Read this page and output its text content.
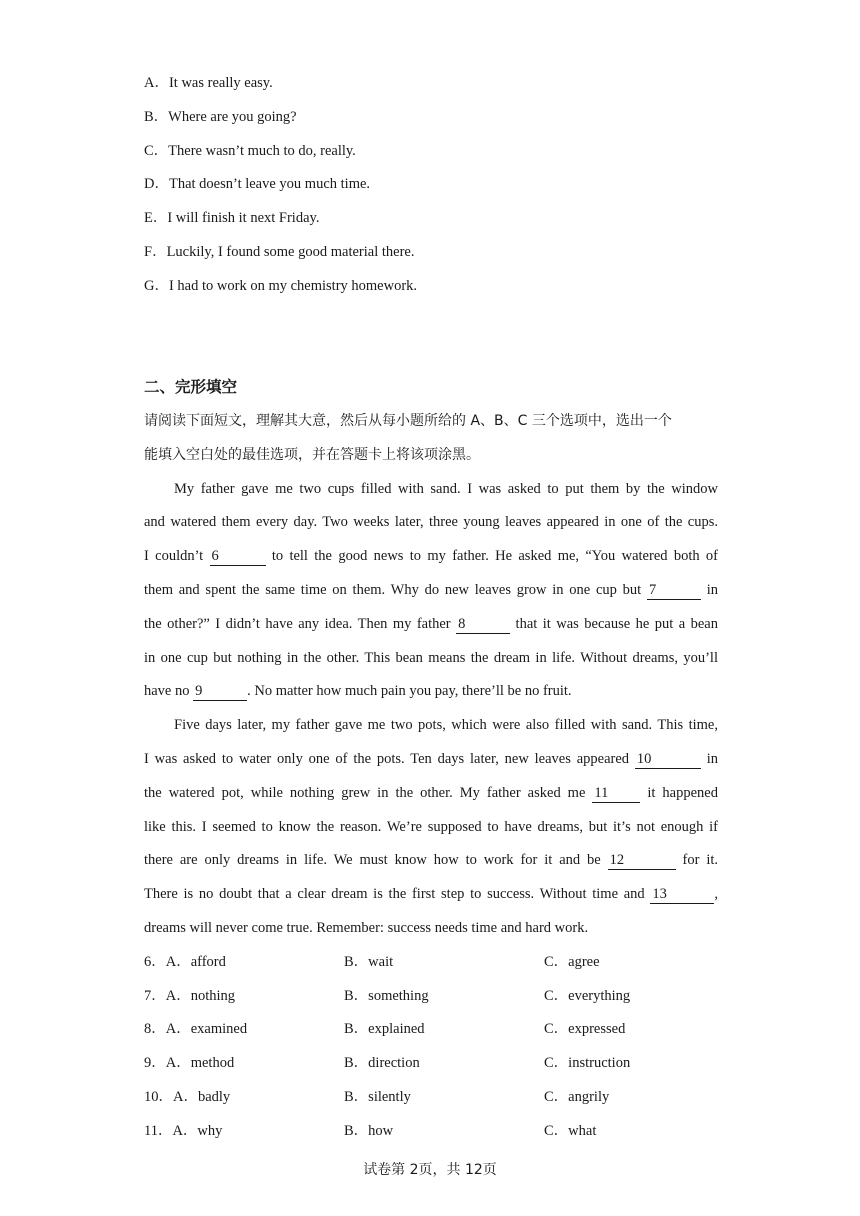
A．It was really easy.
B．Where are you going?
C．There wasn’t much to do, really.
D．That doesn’t leave you much time.
E．I will finish it next Friday.
F．Luckily, I found some good material there.
G．I had to work on my chemistry homework.
二、完形填空
请阅读下面短文，理解其大意，然后从每小题所给的 A、B、C 三个选项中，选出一个
能填入空白处的最佳选项，并在答题卡上将该项涂黑。
My father gave me two cups filled with sand. I was asked to put them by the window
and watered them every day. Two weeks later, three young leaves appeared in one of the cups.
I couldn’t 6	to tell the good news to my father. He asked me, “You watered both of
them and spent the same time on them. Why do new leaves grow in one cup but 7	in
the other?” I didn’t have any idea. Then my father 8	that it was because he put a bean
in one cup but nothing in the other. This bean means the dream in life. Without dreams, you’ll
have no 9	. No matter how much pain you pay, there’ll be no fruit.
Five days later, my father gave me two pots, which were also filled with sand. This time,
I was asked to water only one of the pots. Ten days later, new leaves appeared 10	in
the watered pot, while nothing grew in the other. My father asked me 11 it happened
like this. I seemed to know the reason. We’re supposed to have dreams, but it’s not enough if
there are only dreams in life. We must know how to work for it and be 12	for it.
There is no doubt that a clear dream is the first step to success. Without time and 13	,
dreams will never come true. Remember: success needs time and hard work.
6．A．afford	B．wait	C．agree
7．A．nothing	B．something	C．everything
8．A．examined	B．explained	C．expressed
9．A．method	B．direction	C．instruction
10．A．badly	B．silently	C．angrily
11．A．why	B．how	C．what
试卷第 2页，共 12页
